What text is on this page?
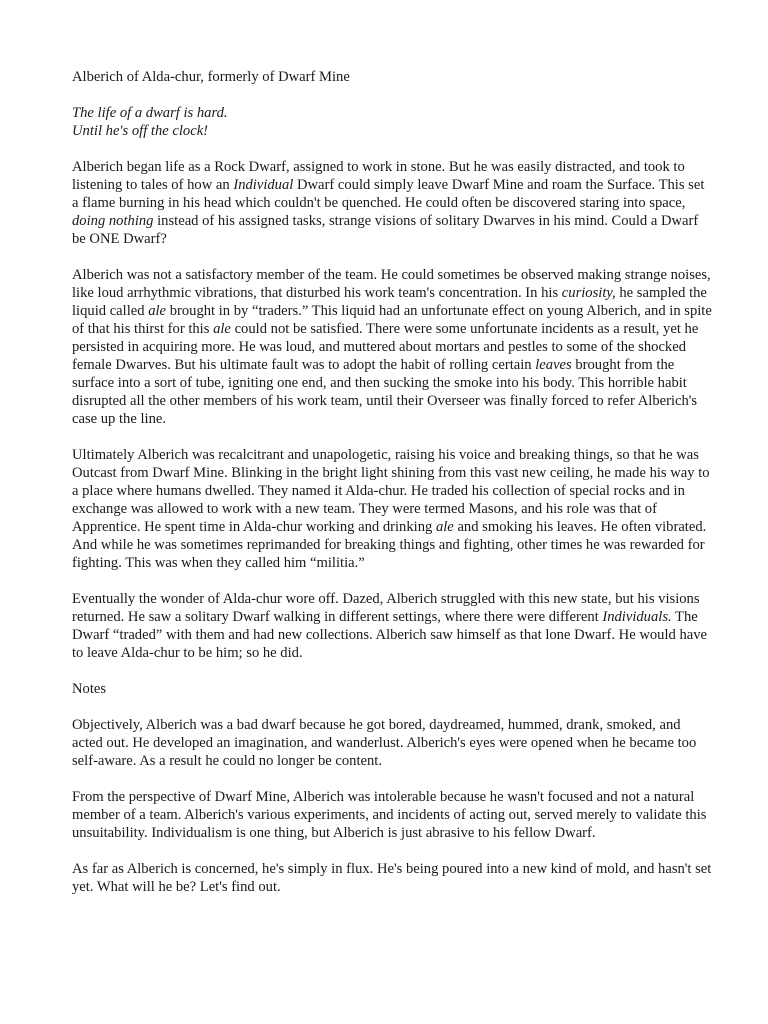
Alberich of Alda-chur, formerly of Dwarf Mine

The life of a dwarf is hard.
Until he's off the clock!

Alberich began life as a Rock Dwarf, assigned to work in stone. But he was easily distracted, and took to listening to tales of how an Individual Dwarf could simply leave Dwarf Mine and roam the Surface. This set a flame burning in his head which couldn't be quenched. He could often be discovered staring into space, doing nothing instead of his assigned tasks, strange visions of solitary Dwarves in his mind. Could a Dwarf be ONE Dwarf?

Alberich was not a satisfactory member of the team. He could sometimes be observed making strange noises, like loud arrhythmic vibrations, that disturbed his work team's concentration. In his curiosity, he sampled the liquid called ale brought in by “traders.” This liquid had an unfortunate effect on young Alberich, and in spite of that his thirst for this ale could not be satisfied. There were some unfortunate incidents as a result, yet he persisted in acquiring more. He was loud, and muttered about mortars and pestles to some of the shocked female Dwarves. But his ultimate fault was to adopt the habit of rolling certain leaves brought from the surface into a sort of tube, igniting one end, and then sucking the smoke into his body. This horrible habit disrupted all the other members of his work team, until their Overseer was finally forced to refer Alberich's case up the line.

Ultimately Alberich was recalcitrant and unapologetic, raising his voice and breaking things, so that he was Outcast from Dwarf Mine. Blinking in the bright light shining from this vast new ceiling, he made his way to a place where humans dwelled. They named it Alda-chur. He traded his collection of special rocks and in exchange was allowed to work with a new team. They were termed Masons, and his role was that of Apprentice. He spent time in Alda-chur working and drinking ale and smoking his leaves. He often vibrated. And while he was sometimes reprimanded for breaking things and fighting, other times he was rewarded for fighting. This was when they called him “militia.”

Eventually the wonder of Alda-chur wore off. Dazed, Alberich struggled with this new state, but his visions returned. He saw a solitary Dwarf walking in different settings, where there were different Individuals. The Dwarf “traded” with them and had new collections. Alberich saw himself as that lone Dwarf. He would have to leave Alda-chur to be him; so he did.

Notes

Objectively, Alberich was a bad dwarf because he got bored, daydreamed, hummed, drank, smoked, and acted out. He developed an imagination, and wanderlust. Alberich's eyes were opened when he became too self-aware. As a result he could no longer be content.

From the perspective of Dwarf Mine, Alberich was intolerable because he wasn't focused and not a natural member of a team. Alberich's various experiments, and incidents of acting out, served merely to validate this unsuitability. Individualism is one thing, but Alberich is just abrasive to his fellow Dwarf.

As far as Alberich is concerned, he's simply in flux. He's being poured into a new kind of mold, and hasn't set yet. What will he be? Let's find out.
